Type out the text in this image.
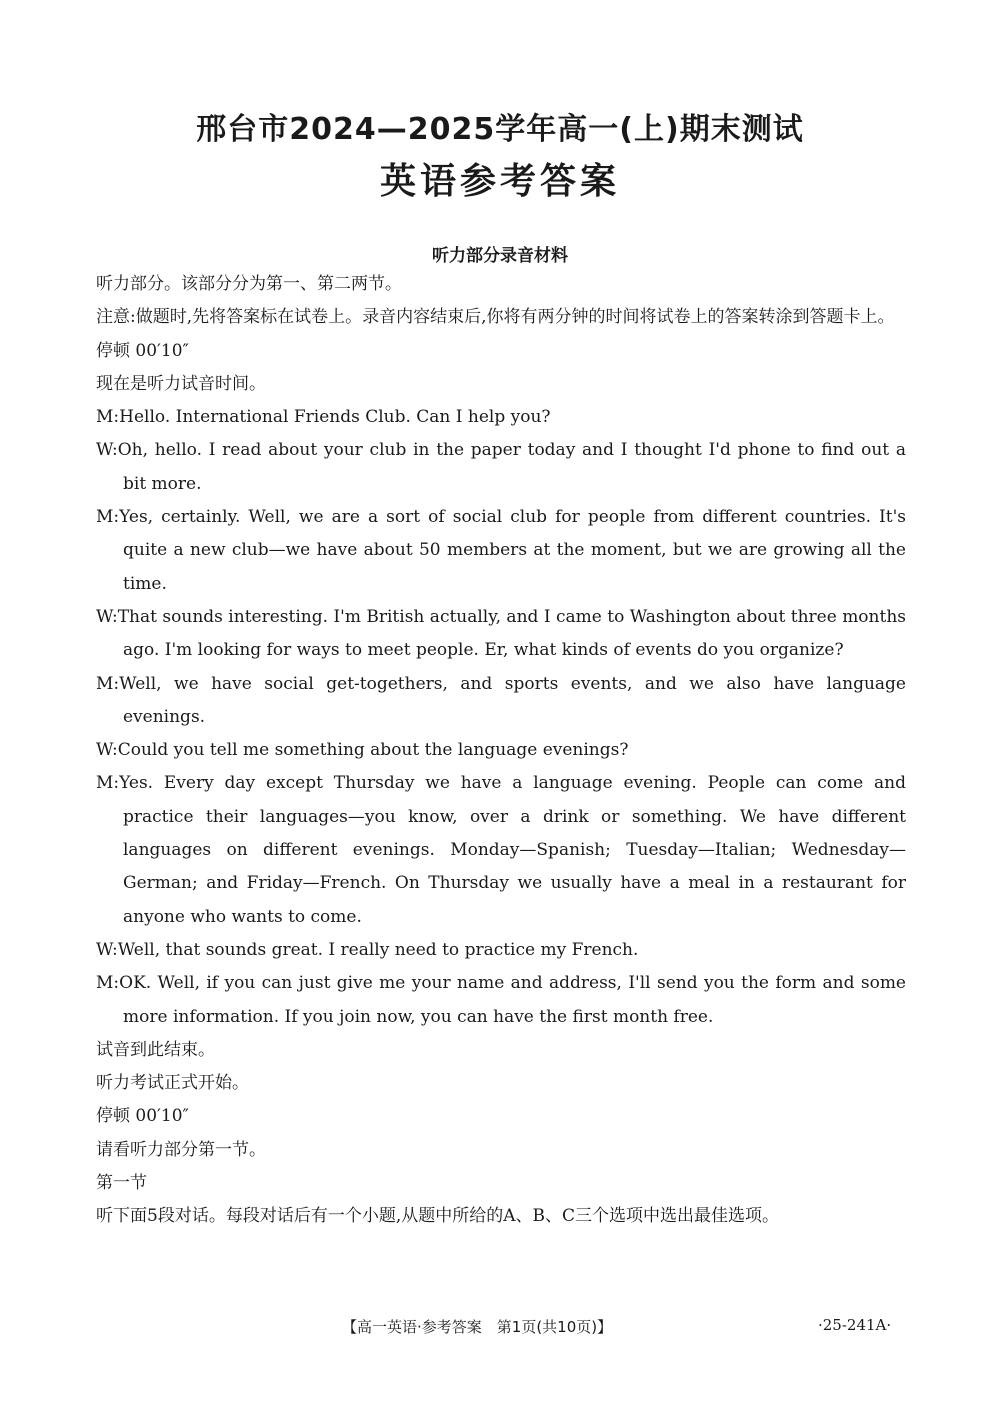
邢台市2024—2025学年高一(上)期末测试
英语参考答案
听力部分录音材料

听力部分。该部分分为第一、第二两节。

注意:做题时,先将答案标在试卷上。录音内容结束后,你将有两分钟的时间将试卷上的答案转涂到答题卡上。

停顿 00′10″

现在是听力试音时间。

M:Hello. International Friends Club. Can I help you?

W:Oh, hello. I read about your club in the paper today and I thought I'd phone to find out a bit more.

M:Yes, certainly. Well, we are a sort of social club for people from different countries. It's quite a new club—we have about 50 members at the moment, but we are growing all the time.

W:That sounds interesting. I'm British actually, and I came to Washington about three months ago. I'm looking for ways to meet people. Er, what kinds of events do you organize?

M:Well, we have social get-togethers, and sports events, and we also have language evenings.

W:Could you tell me something about the language evenings?

M:Yes. Every day except Thursday we have a language evening. People can come and practice their languages—you know, over a drink or something. We have different languages on different evenings. Monday—Spanish; Tuesday—Italian; Wednesday—German; and Friday—French. On Thursday we usually have a meal in a restaurant for anyone who wants to come.

W:Well, that sounds great. I really need to practice my French.

M:OK. Well, if you can just give me your name and address, I'll send you the form and some more information. If you join now, you can have the first month free.

试音到此结束。

听力考试正式开始。

停顿 00′10″

请看听力部分第一节。

第一节

听下面5段对话。每段对话后有一个小题,从题中所给的A、B、C三个选项中选出最佳选项。

【高一英语·参考答案　第1页(共10页)】	·25-241A·
